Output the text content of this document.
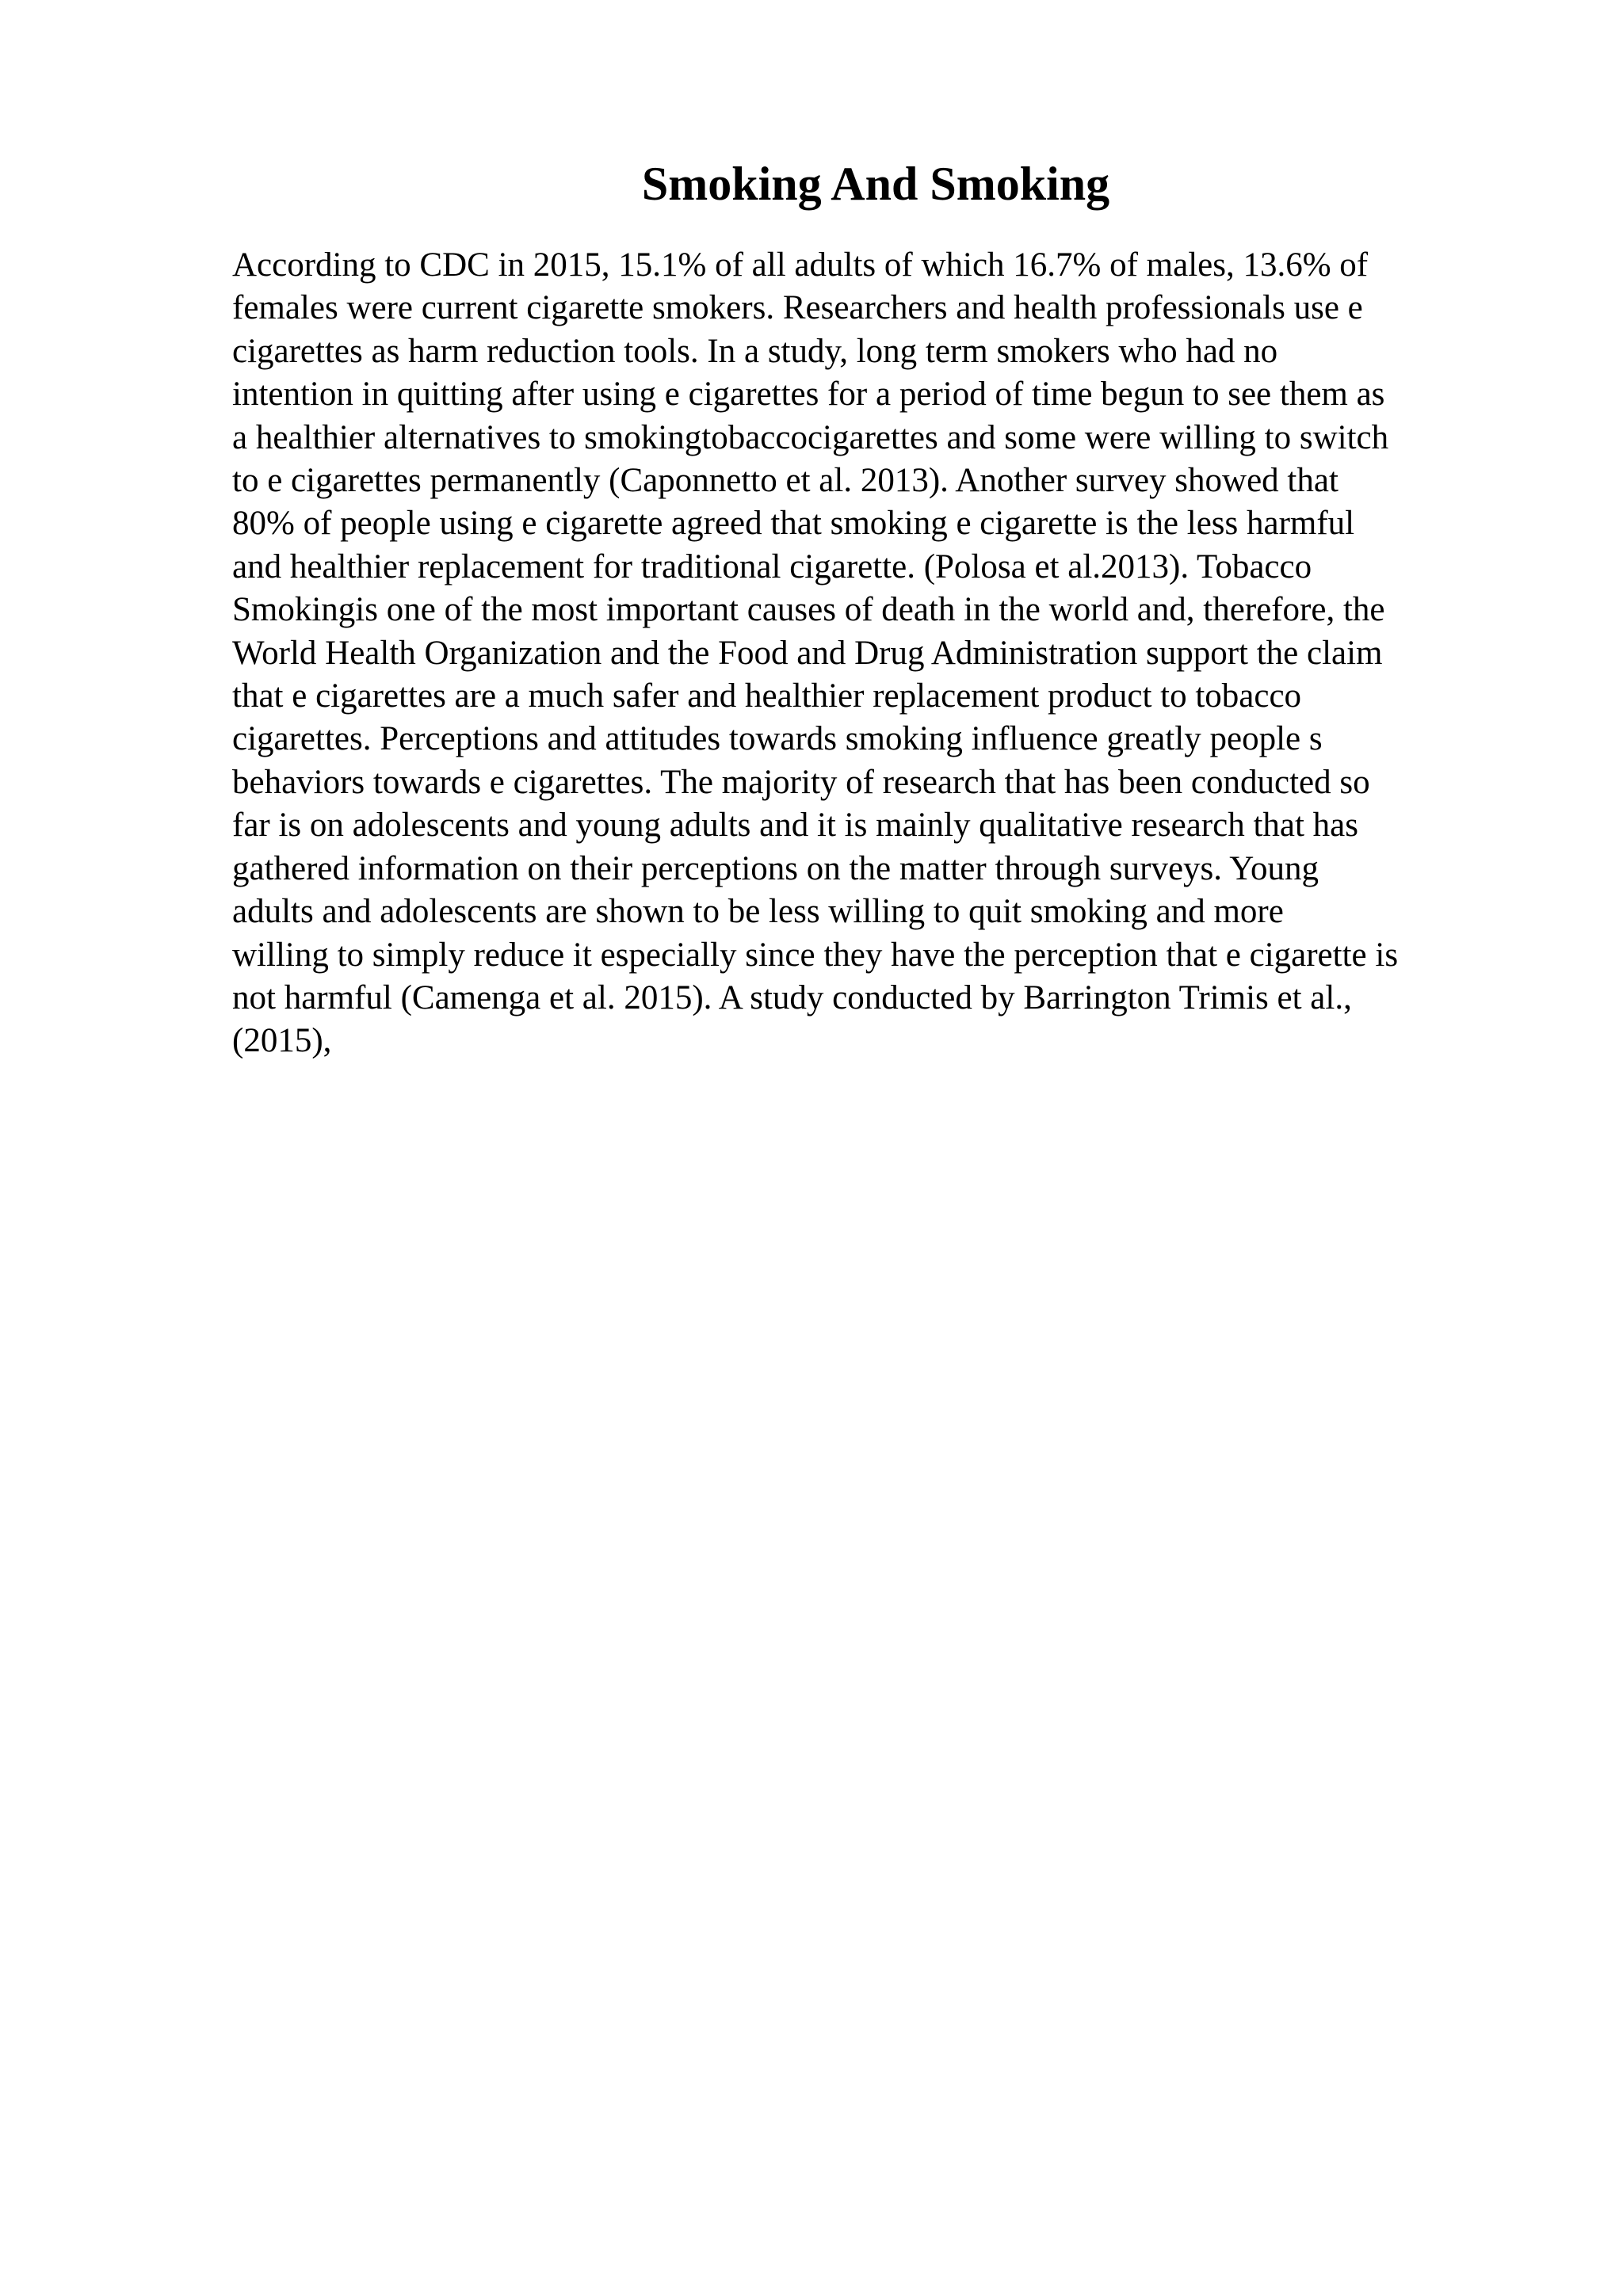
Smoking And Smoking
According to CDC in 2015, 15.1% of all adults of which 16.7% of males, 13.6% of
females were current cigarette smokers. Researchers and health professionals use e
cigarettes as harm reduction tools. In a study, long term smokers who had no
intention in quitting after using e cigarettes for a period of time begun to see them as
a healthier alternatives to smokingtobaccocigarettes and some were willing to switch
to e cigarettes permanently (Caponnetto et al. 2013). Another survey showed that
80% of people using e cigarette agreed that smoking e cigarette is the less harmful
and healthier replacement for traditional cigarette. (Polosa et al.2013). Tobacco
Smokingis one of the most important causes of death in the world and, therefore, the
World Health Organization and the Food and Drug Administration support the claim
that e cigarettes are a much safer and healthier replacement product to tobacco
cigarettes. Perceptions and attitudes towards smoking influence greatly people s
behaviors towards e cigarettes. The majority of research that has been conducted so
far is on adolescents and young adults and it is mainly qualitative research that has
gathered information on their perceptions on the matter through surveys. Young
adults and adolescents are shown to be less willing to quit smoking and more
willing to simply reduce it especially since they have the perception that e cigarette is
not harmful (Camenga et al. 2015). A study conducted by Barrington Trimis et al.,
(2015),
